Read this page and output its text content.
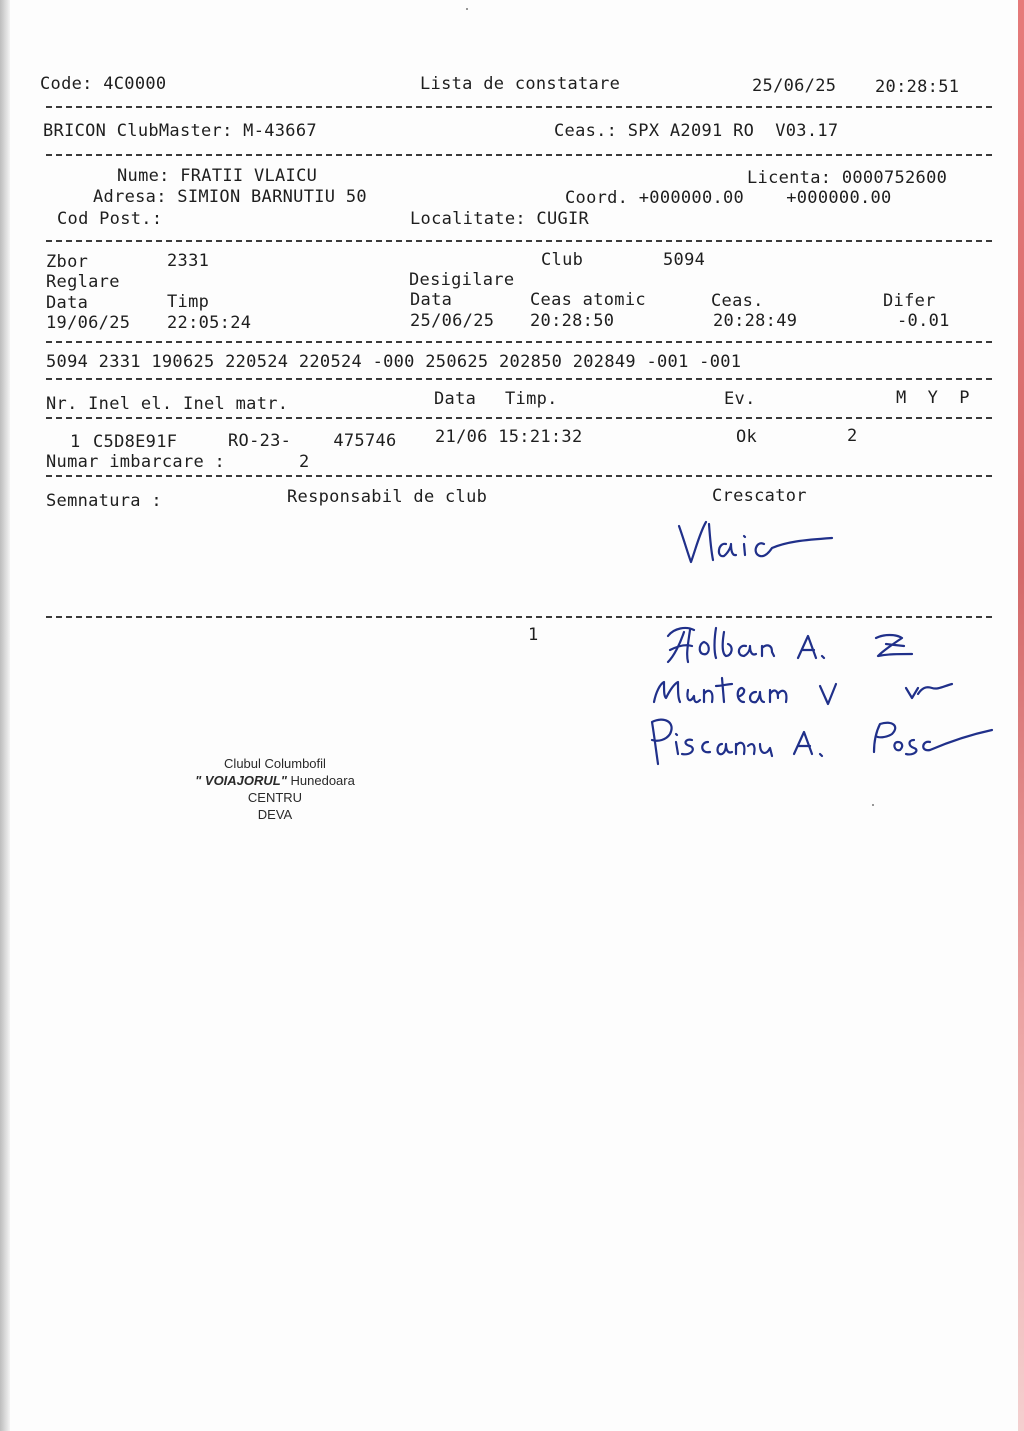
Code: 4C0000	Lista de constatare	25/06/25 20:28:51
BRICON ClubMaster: M-43667	Ceas.: SPX A2091 RO  V03.17
Nume: FRATII VLAICU	Licenta: 0000752600
Adresa: SIMION BARNUTIU 50	Coord. +000000.00    +000000.00
Cod Post.:	Localitate: CUGIR
Zbor	2331	Club	5094
Reglare	Desigilare
Data	Timp	Data	Ceas atomic	Ceas.	Difer
19/06/25 22:05:24	25/06/25 20:28:50	20:28:49	-0.01
5094 2331 190625 220524 220524 -000 250625 202850 202849 -001 -001
Nr. Inel el. Inel matr.	Data Timp.	Ev.	M  Y  P
1 C5D8E91F	RO-23-    475746 21/06 15:21:32	Ok	2
Numar imbarcare :	2
Semnatura :	Responsabil de club	Crescator
1
Clubul Columbofil
" VOIAJORUL" Hunedoara
CENTRU
DEVA
